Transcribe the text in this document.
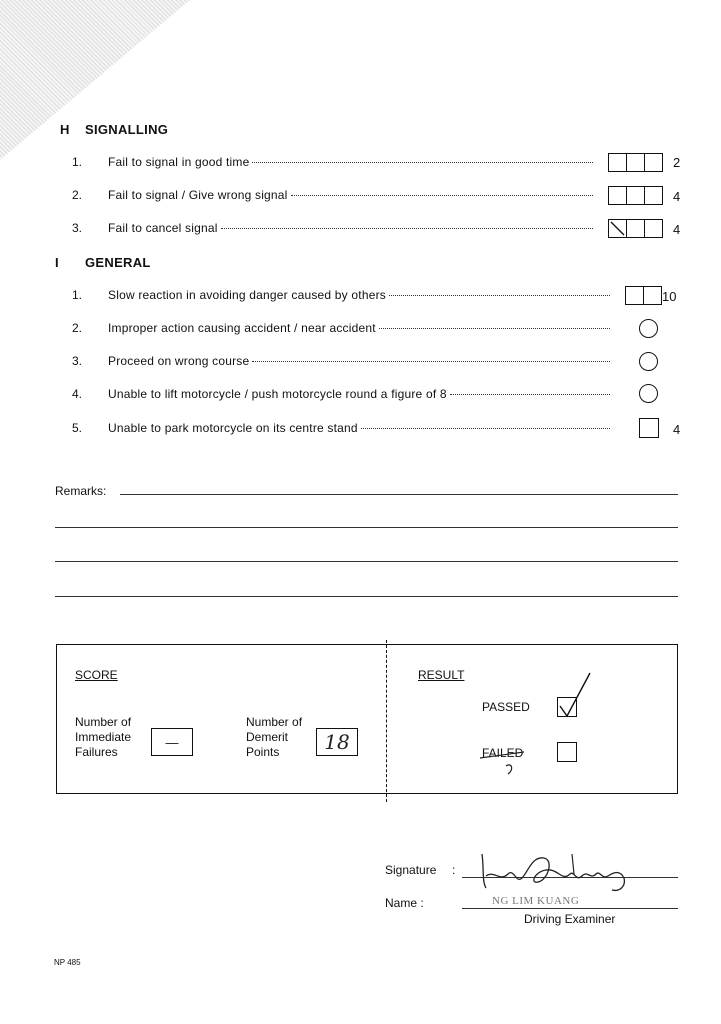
H SIGNALLING
1. Fail to signal in good time	2
2. Fail to signal / Give wrong signal	4
3. Fail to cancel signal	4
I GENERAL
1. Slow reaction in avoiding danger caused by others	10
2. Improper action causing accident / near accident
3. Proceed on wrong course
4. Unable to lift motorcycle / push motorcycle round a figure of 8
5. Unable to park motorcycle on its centre stand	4
Remarks:
SCORE
Number of
Immediate
Failures
—
Number of
Demerit
Points	18
RESULT
PASSED
FAILED
Signature :
Name :	NG LIM KUANG
Driving Examiner
NP 485
